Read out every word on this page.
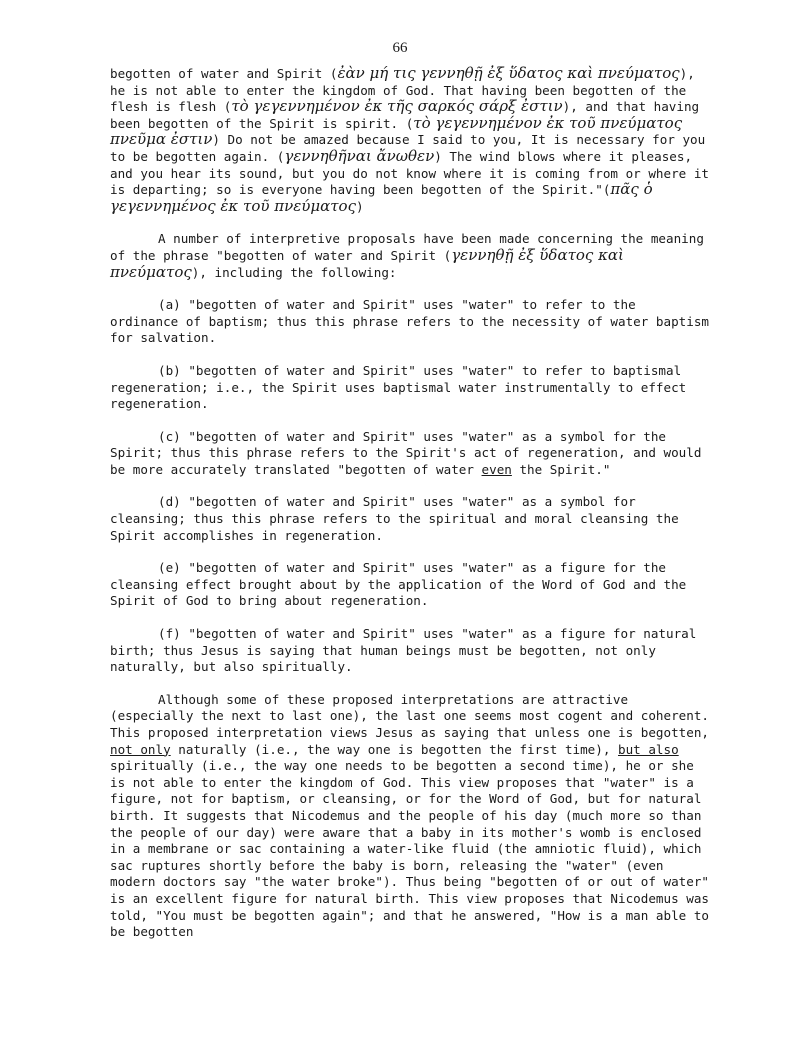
66

begotten of water and Spirit (ἐὰν μή τις γεννηθῇ ἐξ ὕδατος καὶ πνεύματος), he is not able to enter the kingdom of God. That having been begotten of the flesh is flesh (τὸ γεγεννημένον ἐκ τῆς σαρκός σάρξ ἐστιν), and that having been begotten of the Spirit is spirit. (τὸ γεγεννημένον ἐκ τοῦ πνεύματος πνεῦμα ἐστιν) Do not be amazed because I said to you, It is necessary for you to be begotten again. (γεννηθῆναι ἄνωθεν) The wind blows where it pleases, and you hear its sound, but you do not know where it is coming from or where it is departing; so is everyone having been begotten of the Spirit."(πᾶς ὁ γεγεννημένος ἐκ τοῦ πνεύματος)

A number of interpretive proposals have been made concerning the meaning of the phrase "begotten of water and Spirit (γεννηθῇ ἐξ ὕδατος καὶ πνεύματος), including the following:

(a) "begotten of water and Spirit" uses "water" to refer to the ordinance of baptism; thus this phrase refers to the necessity of water baptism for salvation.

(b) "begotten of water and Spirit" uses "water" to refer to baptismal regeneration; i.e., the Spirit uses baptismal water instrumentally to effect regeneration.

(c) "begotten of water and Spirit" uses "water" as a symbol for the Spirit; thus this phrase refers to the Spirit's act of regeneration, and would be more accurately translated "begotten of water even the Spirit."

(d) "begotten of water and Spirit" uses "water" as a symbol for cleansing; thus this phrase refers to the spiritual and moral cleansing the Spirit accomplishes in regeneration.

(e) "begotten of water and Spirit" uses "water" as a figure for the cleansing effect brought about by the application of the Word of God and the Spirit of God to bring about regeneration.

(f) "begotten of water and Spirit" uses "water" as a figure for natural birth; thus Jesus is saying that human beings must be begotten, not only naturally, but also spiritually.

Although some of these proposed interpretations are attractive (especially the next to last one), the last one seems most cogent and coherent. This proposed interpretation views Jesus as saying that unless one is begotten, not only naturally (i.e., the way one is begotten the first time), but also spiritually (i.e., the way one needs to be begotten a second time), he or she is not able to enter the kingdom of God. This view proposes that "water" is a figure, not for baptism, or cleansing, or for the Word of God, but for natural birth. It suggests that Nicodemus and the people of his day (much more so than the people of our day) were aware that a baby in its mother's womb is enclosed in a membrane or sac containing a water-like fluid (the amniotic fluid), which sac ruptures shortly before the baby is born, releasing the "water" (even modern doctors say "the water broke"). Thus being "begotten of or out of water" is an excellent figure for natural birth. This view proposes that Nicodemus was told, "You must be begotten again"; and that he answered, "How is a man able to be begotten
